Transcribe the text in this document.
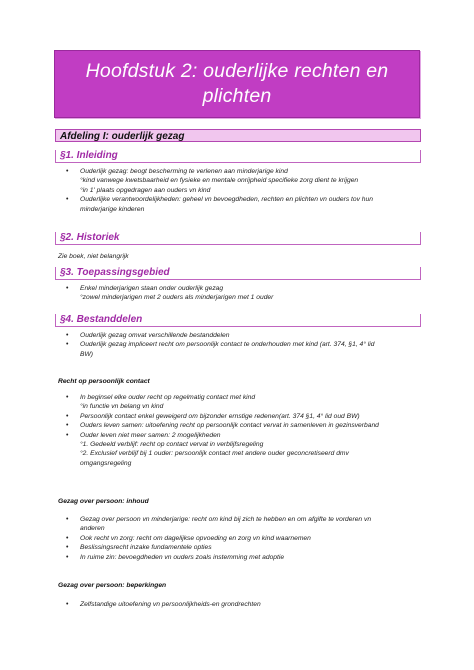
Hoofdstuk 2: ouderlijke rechten en plichten
Afdeling I: ouderlijk gezag
§1. Inleiding
• Ouderlijk gezag: beogt bescherming te verlenen aan minderjarige kind
°kind vanwege kwetsbaarheid en fysieke en mentale onrijpheid specifieke zorg dient te krijgen
°in 1' plaats opgedragen aan ouders vn kind
• Ouderlijke verantwoordelijkheden: geheel vn bevoegdheden, rechten en plichten vn ouders tov hun
minderjarige kinderen
§2. Historiek
Zie boek, niet belangrijk
§3. Toepassingsgebied
• Enkel minderjarigen staan onder ouderlijk gezag
°zowel minderjarigen met 2 ouders als minderjarigen met 1 ouder
§4. Bestanddelen
• Ouderlijk gezag omvat verschillende bestanddelen
• Ouderlijk gezag impliceert recht om persoonlijk contact te onderhouden met kind (art. 374, §1, 4° lid
BW)
Recht op persoonlijk contact
• In beginsel elke ouder recht op regelmatig contact met kind
°in functie vn belang vn kind
• Persoonlijk contact enkel geweigerd om bijzonder ernstige redenen(art. 374 §1, 4° lid oud BW)
• Ouders leven samen: uitoefening recht op persoonlijk contact vervat in samenleven in gezinsverband
• Ouder leven niet meer samen: 2 mogelijkheden
°1. Gedeeld verblijf: recht op contact vervat in verblijfsregeling
°2. Exclusief verblijf bij 1 ouder: persoonlijk contact met andere ouder geconcretiseerd dmv
omgangsregeling
Gezag over persoon: inhoud
• Gezag over persoon vn minderjarige: recht om kind bij zich te hebben en om afgifte te vorderen vn
anderen
• Ook recht vn zorg: recht om dagelijkse opvoeding en zorg vn kind waarnemen
• Beslissingsrecht inzake fundamentele opties
• In ruime zin: bevoegdheden vn ouders zoals instemming met adoptie
Gezag over persoon: beperkingen
• Zelfstandige uitoefening vn persoonlijkheids-en grondrechten
